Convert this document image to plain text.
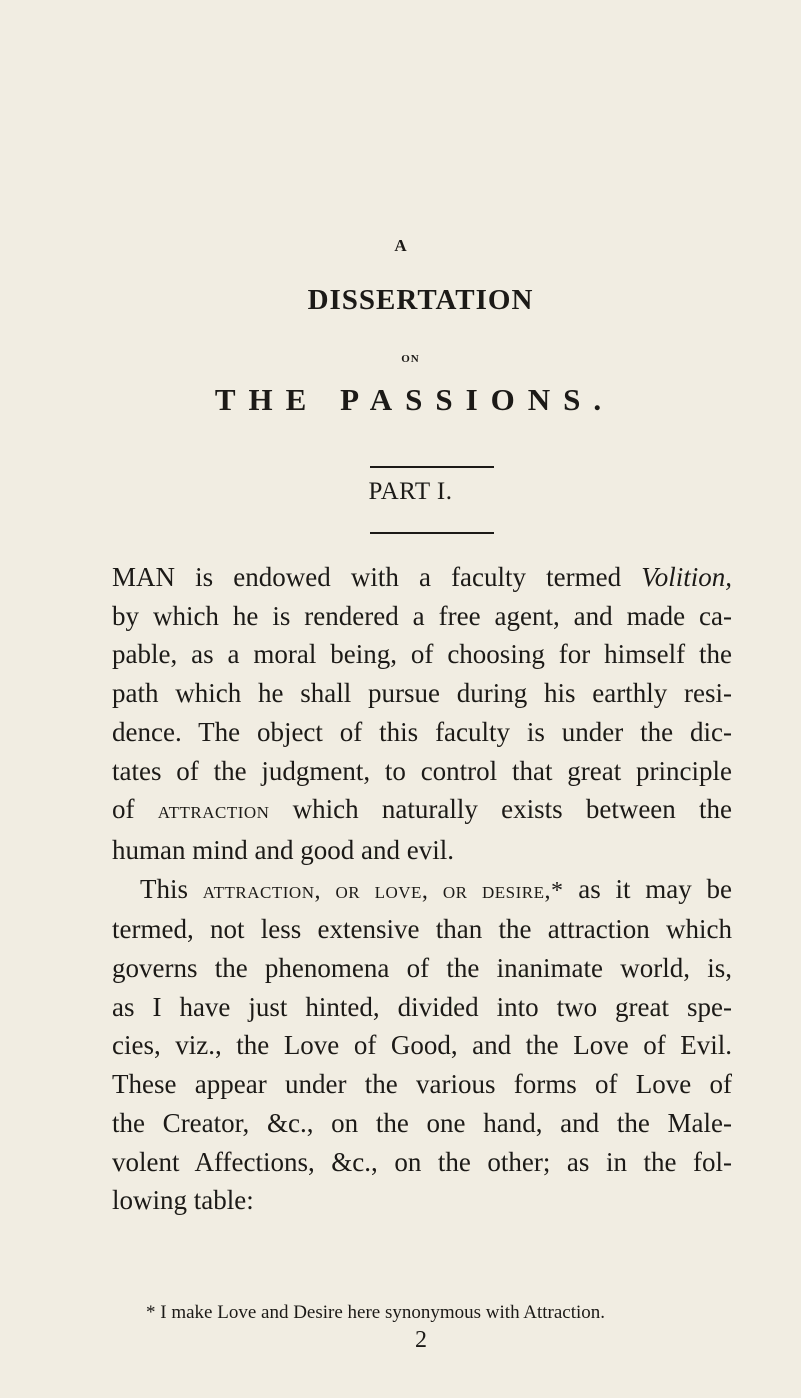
A
DISSERTATION
ON
THE PASSIONS.
PART I.
MAN is endowed with a faculty termed Volition,
by which he is rendered a free agent, and made ca-
pable, as a moral being, of choosing for himself the
path which he shall pursue during his earthly resi-
dence. The object of this faculty is under the dic-
tates of the judgment, to control that great principle
of attraction which naturally exists between the
human mind and good and evil.
This attraction, or love, or desire,* as it may be
termed, not less extensive than the attraction which
governs the phenomena of the inanimate world, is,
as I have just hinted, divided into two great spe-
cies, viz., the Love of Good, and the Love of Evil.
These appear under the various forms of Love of
the Creator, &c., on the one hand, and the Male-
volent Affections, &c., on the other; as in the fol-
lowing table:
* I make Love and Desire here synonymous with Attraction.
2
